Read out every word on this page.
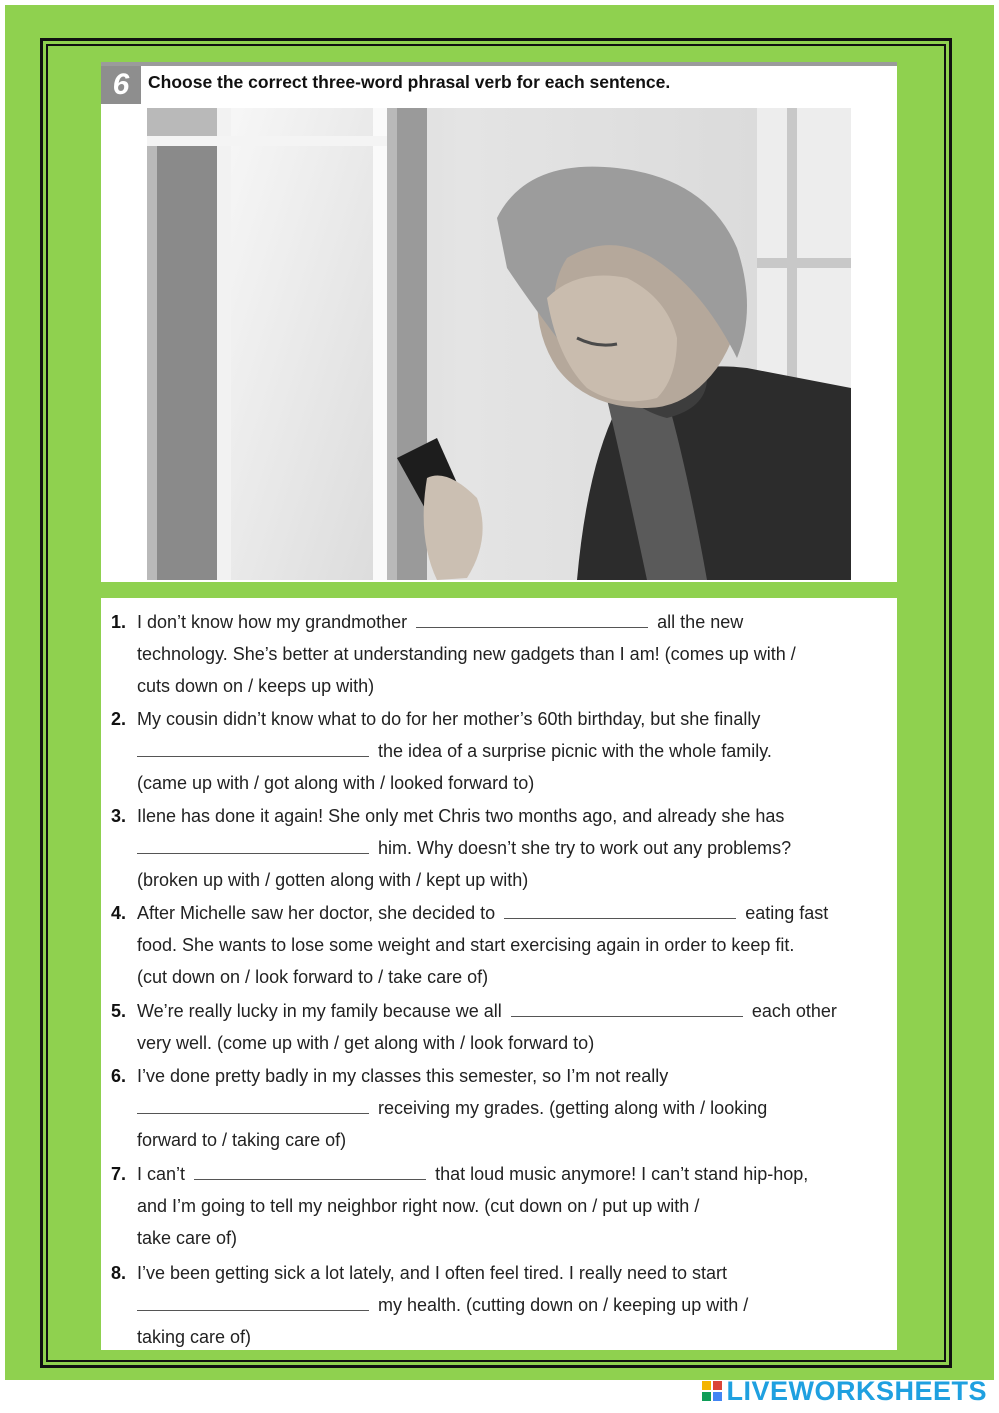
6	Choose the correct three-word phrasal verb for each sentence.
1. I don’t know how my grandmother	all the new
technology. She’s better at understanding new gadgets than I am! (comes up with /
cuts down on / keeps up with)
2. My cousin didn’t know what to do for her mother’s 60th birthday, but she finally
the idea of a surprise picnic with the whole family.
(came up with / got along with / looked forward to)
3. Ilene has done it again! She only met Chris two months ago, and already she has
him. Why doesn’t she try to work out any problems?
(broken up with / gotten along with / kept up with)
4. After Michelle saw her doctor, she decided to	eating fast
food. She wants to lose some weight and start exercising again in order to keep fit.
(cut down on / look forward to / take care of)
5. We’re really lucky in my family because we all	each other
very well. (come up with / get along with / look forward to)
6. I’ve done pretty badly in my classes this semester, so I’m not really
receiving my grades. (getting along with / looking
forward to / taking care of)
7. I can’t	that loud music anymore! I can’t stand hip-hop,
and I’m going to tell my neighbor right now. (cut down on / put up with /
take care of)
8. I’ve been getting sick a lot lately, and I often feel tired. I really need to start
my health. (cutting down on / keeping up with /
taking care of)
LIVEWORKSHEETS
